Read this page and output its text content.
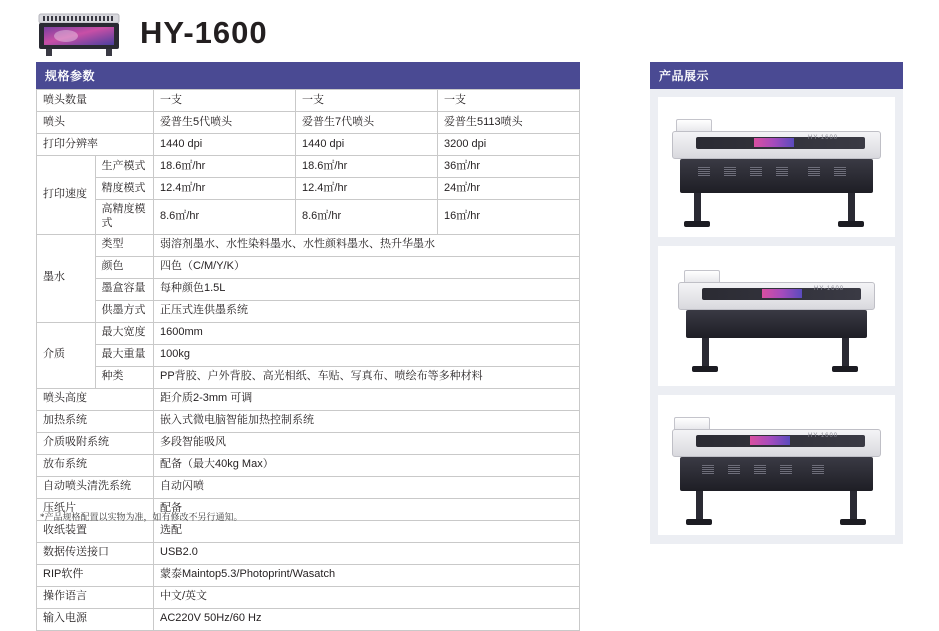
HY-1600
规格参数
喷头数量		一支	一支	一支
喷头		爱普生5代喷头	爱普生7代喷头	爱普生5113喷头
打印分辨率		1440 dpi	1440 dpi	3200 dpi
打印速度	生产模式	18.6㎡/hr	18.6㎡/hr	36㎡/hr
	精度模式	12.4㎡/hr	12.4㎡/hr	24㎡/hr
	高精度模式	8.6㎡/hr	8.6㎡/hr	16㎡/hr
墨水	类型	弱溶剂墨水、水性染料墨水、水性颜料墨水、热升华墨水		
	颜色	四色（C/M/Y/K）		
	墨盒容量	每种颜色1.5L		
	供墨方式	正压式连供墨系统		
介质	最大宽度	1600mm		
	最大重量	100kg		
	种类	PP背胶、户外背胶、高光相纸、车贴、写真布、喷绘布等多种材料		
喷头高度		距介质2-3mm 可调		
加热系统		嵌入式微电脑智能加热控制系统		
介质吸附系统		多段智能吸风		
放布系统		配备（最大40kg Max）		
自动喷头清洗系统		自动闪喷		
压纸片		配备		
收纸装置		选配		
数据传送接口		USB2.0		
RIP软件		蒙泰Maintop5.3/Photoprint/Wasatch		
操作语言		中文/英文		
输入电源		AC220V 50Hz/60 Hz		
*产品规格配置以实物为准，如有修改不另行通知。
产品展示
HY-1600
HY-1600
HY-1600
